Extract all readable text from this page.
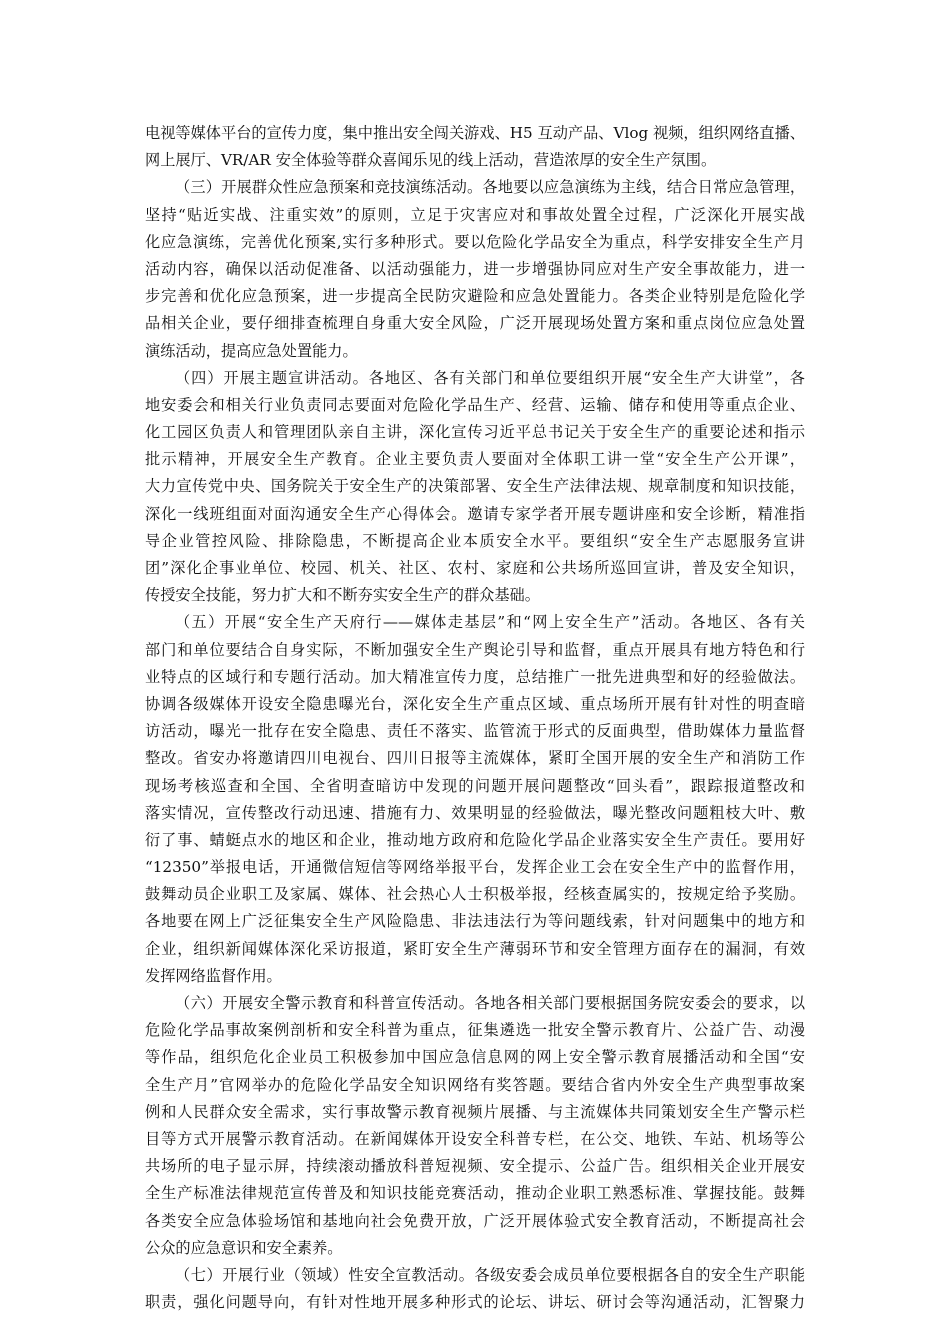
电视等媒体平台的宣传力度，集中推出安全闯关游戏、H5 互动产品、Vlog 视频，组织网络直播、
网上展厅、VR/AR 安全体验等群众喜闻乐见的线上活动，营造浓厚的安全生产氛围。
（三）开展群众性应急预案和竞技演练活动。各地要以应急演练为主线，结合日常应急管理，
坚持“贴近实战、注重实效”的原则，立足于灾害应对和事故处置全过程，广泛深化开展实战
化应急演练，完善优化预案,实行多种形式。要以危险化学品安全为重点，科学安排安全生产月
活动内容，确保以活动促准备、以活动强能力，进一步增强协同应对生产安全事故能力，进一
步完善和优化应急预案，进一步提高全民防灾避险和应急处置能力。各类企业特别是危险化学
品相关企业，要仔细排查梳理自身重大安全风险，广泛开展现场处置方案和重点岗位应急处置
演练活动，提高应急处置能力。
（四）开展主题宣讲活动。各地区、各有关部门和单位要组织开展“安全生产大讲堂”，各
地安委会和相关行业负责同志要面对危险化学品生产、经营、运输、储存和使用等重点企业、
化工园区负责人和管理团队亲自主讲，深化宣传习近平总书记关于安全生产的重要论述和指示
批示精神，开展安全生产教育。企业主要负责人要面对全体职工讲一堂“安全生产公开课”，
大力宣传党中央、国务院关于安全生产的决策部署、安全生产法律法规、规章制度和知识技能，
深化一线班组面对面沟通安全生产心得体会。邀请专家学者开展专题讲座和安全诊断，精准指
导企业管控风险、排除隐患，不断提高企业本质安全水平。要组织“安全生产志愿服务宣讲
团”深化企事业单位、校园、机关、社区、农村、家庭和公共场所巡回宣讲，普及安全知识，
传授安全技能，努力扩大和不断夯实安全生产的群众基础。
（五）开展“安全生产天府行——媒体走基层”和“网上安全生产”活动。各地区、各有关
部门和单位要结合自身实际，不断加强安全生产舆论引导和监督，重点开展具有地方特色和行
业特点的区域行和专题行活动。加大精准宣传力度，总结推广一批先进典型和好的经验做法。
协调各级媒体开设安全隐患曝光台，深化安全生产重点区域、重点场所开展有针对性的明查暗
访活动，曝光一批存在安全隐患、责任不落实、监管流于形式的反面典型，借助媒体力量监督
整改。省安办将邀请四川电视台、四川日报等主流媒体，紧盯全国开展的安全生产和消防工作
现场考核巡查和全国、全省明查暗访中发现的问题开展问题整改“回头看”，跟踪报道整改和
落实情况，宣传整改行动迅速、措施有力、效果明显的经验做法，曝光整改问题粗枝大叶、敷
衍了事、蜻蜓点水的地区和企业，推动地方政府和危险化学品企业落实安全生产责任。要用好
“12350”举报电话，开通微信短信等网络举报平台，发挥企业工会在安全生产中的监督作用，
鼓舞动员企业职工及家属、媒体、社会热心人士积极举报，经核查属实的，按规定给予奖励。
各地要在网上广泛征集安全生产风险隐患、非法违法行为等问题线索，针对问题集中的地方和
企业，组织新闻媒体深化采访报道，紧盯安全生产薄弱环节和安全管理方面存在的漏洞，有效
发挥网络监督作用。
（六）开展安全警示教育和科普宣传活动。各地各相关部门要根据国务院安委会的要求，以
危险化学品事故案例剖析和安全科普为重点，征集遴选一批安全警示教育片、公益广告、动漫
等作品，组织危化企业员工积极参加中国应急信息网的网上安全警示教育展播活动和全国“安
全生产月”官网举办的危险化学品安全知识网络有奖答题。要结合省内外安全生产典型事故案
例和人民群众安全需求，实行事故警示教育视频片展播、与主流媒体共同策划安全生产警示栏
目等方式开展警示教育活动。在新闻媒体开设安全科普专栏，在公交、地铁、车站、机场等公
共场所的电子显示屏，持续滚动播放科普短视频、安全提示、公益广告。组织相关企业开展安
全生产标准法律规范宣传普及和知识技能竞赛活动，推动企业职工熟悉标准、掌握技能。鼓舞
各类安全应急体验场馆和基地向社会免费开放，广泛开展体验式安全教育活动，不断提高社会
公众的应急意识和安全素养。
（七）开展行业（领域）性安全宣教活动。各级安委会成员单位要根据各自的安全生产职能
职责，强化问题导向，有针对性地开展多种形式的论坛、讲坛、研讨会等沟通活动，汇智聚力
